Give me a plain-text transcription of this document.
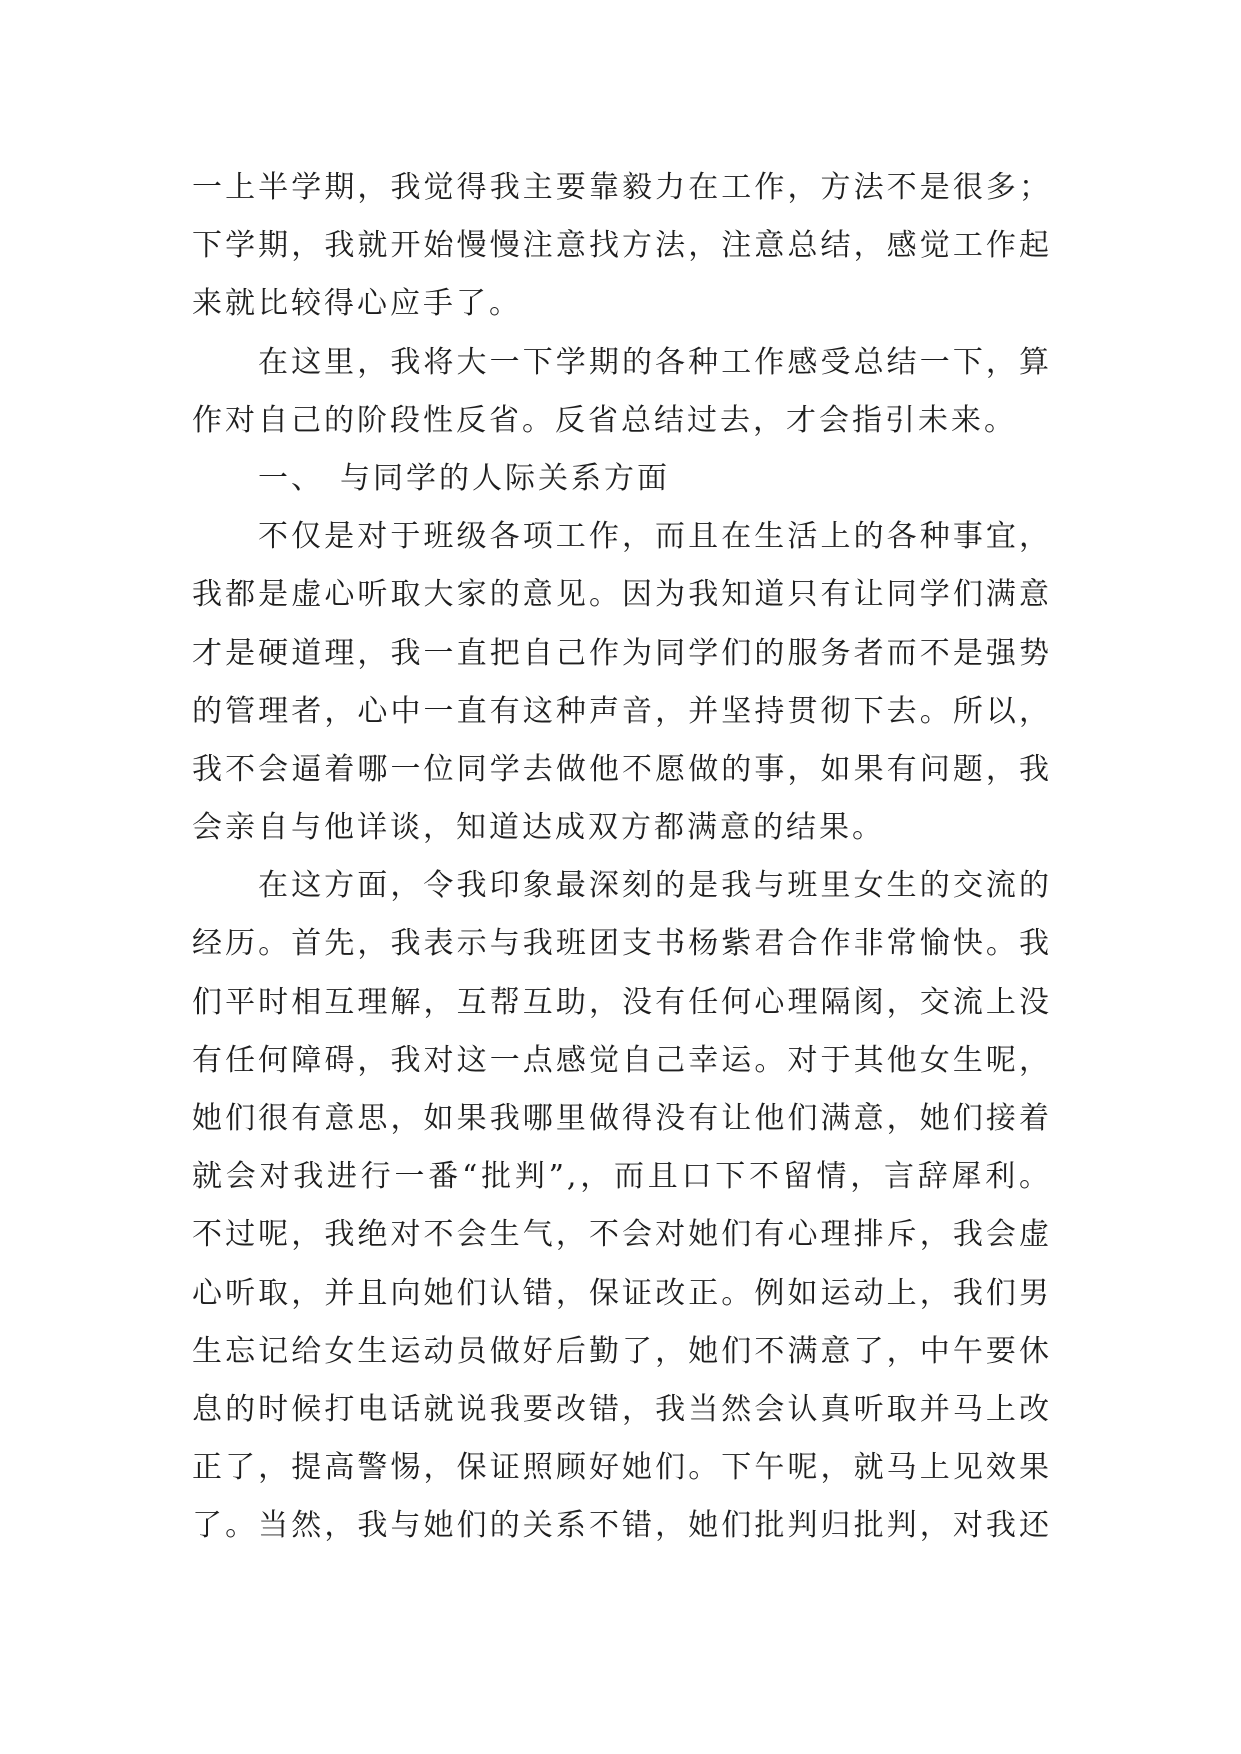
一上半学期，我觉得我主要靠毅力在工作，方法不是很多；
下学期，我就开始慢慢注意找方法，注意总结，感觉工作起
来就比较得心应手了。
在这里，我将大一下学期的各种工作感受总结一下，算
作对自己的阶段性反省。反省总结过去，才会指引未来。
一、 与同学的人际关系方面
不仅是对于班级各项工作，而且在生活上的各种事宜，
我都是虚心听取大家的意见。因为我知道只有让同学们满意
才是硬道理，我一直把自己作为同学们的服务者而不是强势
的管理者，心中一直有这种声音，并坚持贯彻下去。所以，
我不会逼着哪一位同学去做他不愿做的事，如果有问题，我
会亲自与他详谈，知道达成双方都满意的结果。
在这方面，令我印象最深刻的是我与班里女生的交流的
经历。首先，我表示与我班团支书杨紫君合作非常愉快。我
们平时相互理解，互帮互助，没有任何心理隔阂，交流上没
有任何障碍，我对这一点感觉自己幸运。对于其他女生呢，
她们很有意思，如果我哪里做得没有让他们满意，她们接着
就会对我进行一番“批判”,，而且口下不留情，言辞犀利。
不过呢，我绝对不会生气，不会对她们有心理排斥，我会虚
心听取，并且向她们认错，保证改正。例如运动上，我们男
生忘记给女生运动员做好后勤了，她们不满意了，中午要休
息的时候打电话就说我要改错，我当然会认真听取并马上改
正了，提高警惕，保证照顾好她们。下午呢，就马上见效果
了。当然，我与她们的关系不错，她们批判归批判，对我还
